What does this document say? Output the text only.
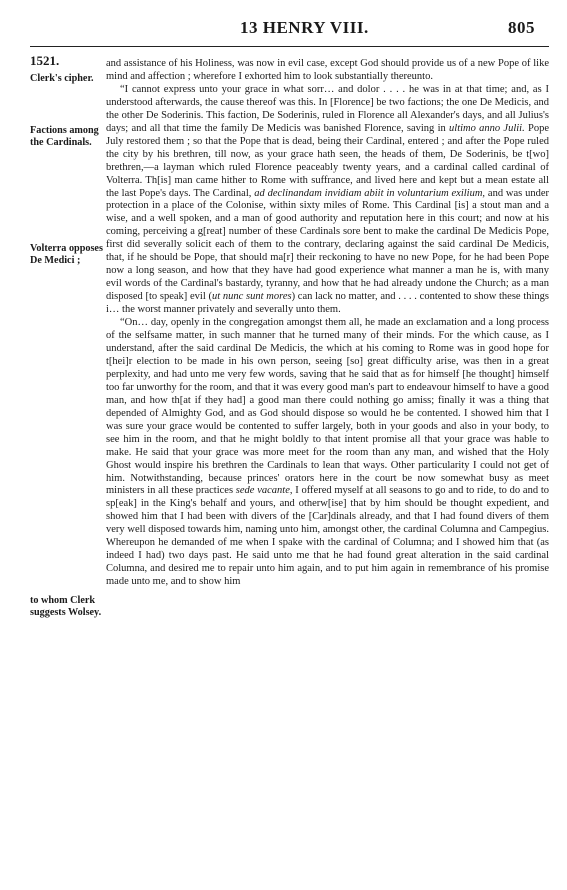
13 HENRY VIII.	805
1521.
Clerk's cipher.
Factions among the Cardinals.
Volterra opposes De Medici ;
to whom Clerk suggests Wolsey.

and assistance of his Holiness, was now in evil case, except God should provide us of a new Pope of like mind and affection ; wherefore I exhorted him to look substantially thereunto.

“I cannot express unto your grace in what sorr… and dolor . . . . he was in at that time; and, as I understood afterwards, the cause thereof was this. In [Florence] be two factions; the one De Medicis, and the other De Soderinis. This faction, De Soderinis, ruled in Florence all Alexander's days, and all Julius's days; and all that time the family De Medicis was banished Florence, saving in ultimo anno Julii. Pope July restored them ; so that the Pope that is dead, being their Cardinal, entered ; and after the Pope ruled the city by his brethren, till now, as your grace hath seen, the heads of them, De Soderinis, be t[wo] brethren,—a layman which ruled Florence peaceably twenty years, and a cardinal called cardinal of Volterra. Th[is] man came hither to Rome with suffrance, and lived here and kept but a mean estate all the last Pope's days. The Cardinal, ad declinandam invidiam abiit in voluntarium exilium, and was under protection in a place of the Colonise, within sixty miles of Rome. This Cardinal [is] a stout man and a wise, and a well spoken, and a man of good authority and reputation here in this court; and now at his coming, perceiving a g[reat] number of these Cardinals sore bent to make the cardinal De Medicis Pope, first did severally solicit each of them to the contrary, declaring against the said cardinal De Medicis, that, if he should be Pope, that should ma[r] their reckoning to have no new Pope, for he had been Pope now a long season, and how that they have had good experience what manner a man he is, with many evil words of the Cardinal's bastardy, tyranny, and how that he had already undone the Church; as a man disposed [to speak] evil (ut nunc sunt mores) can lack no matter, and . . . . contented to show these things i… the worst manner privately and severally unto them.

“On… day, openly in the congregation amongst them all, he made an exclamation and a long process of the selfsame matter, in such manner that he turned many of their minds. For the which cause, as I understand, after the said cardinal De Medicis, the which at his coming to Rome was in good hope for t[hei]r election to be made in his own person, seeing [so] great difficulty arise, was then in a great perplexity, and had unto me very few words, saving that he said that as for himself [he thought] himself too far unworthy for the room, and that it was every good man's part to endeavour himself to have a good man, and how th[at if they had] a good man there could nothing go amiss; finally it was a thing that depended of Almighty God, and as God should dispose so would he be contented. I showed him that I was sure your grace would be contented to suffer largely, both in your goods and also in your body, to see him in the room, and that he might boldly to that intent promise all that your grace was hable to make. He said that your grace was more meet for the room than any man, and wished that the Holy Ghost would inspire his brethren the Cardinals to lean that ways. Other particularity I could not get of him. Notwithstanding, because princes' orators here in the court be now somewhat busy as meet ministers in all these practices sede vacante, I offered myself at all seasons to go and to ride, to do and to sp[eak] in the King's behalf and yours, and otherw[ise] that by him should be thought expedient, and showed him that I had been with divers of the [Car]dinals already, and that I had found divers of them very well disposed towards him, naming unto him, amongst other, the cardinal Columna and Campegius. Whereupon he demanded of me when I spake with the cardinal of Columna; and I showed him that (as indeed I had) two days past. He said unto me that he had found great alteration in the said cardinal Columna, and desired me to repair unto him again, and to put him again in remembrance of his promise made unto me, and to show him
